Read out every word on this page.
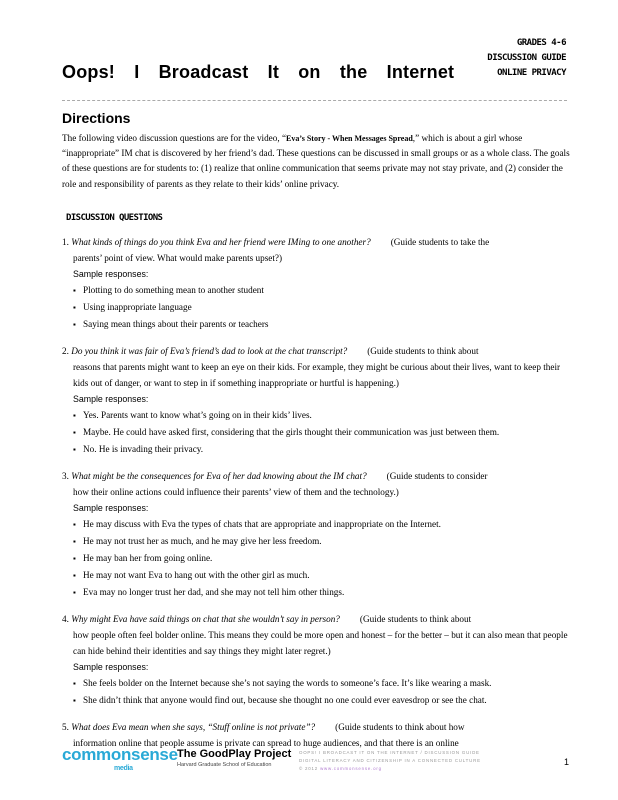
Oops! I Broadcast It on the Internet
GRADES 4-6
DISCUSSION GUIDE
ONLINE PRIVACY
Directions
The following video discussion questions are for the video, “Eva’s Story - When Messages Spread,” which is about a girl whose “inappropriate” IM chat is discovered by her friend’s dad. These questions can be discussed in small groups or as a whole class. The goals of these questions are for students to: (1) realize that online communication that seems private may not stay private, and (2) consider the role and responsibility of parents as they relate to their kids’ online privacy.
DISCUSSION QUESTIONS
1. What kinds of things do you think Eva and her friend were IMing to one another? (Guide students to take the
parents’ point of view. What would make parents upset?)
Sample responses:
▪ Plotting to do something mean to another student
▪ Using inappropriate language
▪ Saying mean things about their parents or teachers
2. Do you think it was fair of Eva’s friend’s dad to look at the chat transcript? (Guide students to think about
reasons that parents might want to keep an eye on their kids. For example, they might be curious about their lives, want to keep their kids out of danger, or want to step in if something inappropriate or hurtful is happening.)
Sample responses:
▪ Yes. Parents want to know what’s going on in their kids’ lives.
▪ Maybe. He could have asked first, considering that the girls thought their communication was just between them.
▪ No. He is invading their privacy.
3. What might be the consequences for Eva of her dad knowing about the IM chat? (Guide students to consider
how their online actions could influence their parents’ view of them and the technology.)
Sample responses:
▪ He may discuss with Eva the types of chats that are appropriate and inappropriate on the Internet.
▪ He may not trust her as much, and he may give her less freedom.
▪ He may ban her from going online.
▪ He may not want Eva to hang out with the other girl as much.
▪ Eva may no longer trust her dad, and she may not tell him other things.
4. Why might Eva have said things on chat that she wouldn’t say in person? (Guide students to think about
how people often feel bolder online. This means they could be more open and honest – for the better – but it can also mean that people can hide behind their identities and say things they might later regret.)
Sample responses:
▪ She feels bolder on the Internet because she’s not saying the words to someone’s face. It’s like wearing a mask.
▪ She didn’t think that anyone would find out, because she thought no one could ever eavesdrop or see the chat.
5. What does Eva mean when she says, “Stuff online is not private”? (Guide students to think about how
information online that people assume is private can spread to huge audiences, and that there is an online
commonsense
media
The GoodPlay Project
Harvard Graduate School of Education
OOPS! I BROADCAST IT ON THE INTERNET / DISCUSSION GUIDE
DIGITAL LITERACY AND CITIZENSHIP IN A CONNECTED CULTURE
© 2012 www.commonsense.org
1
